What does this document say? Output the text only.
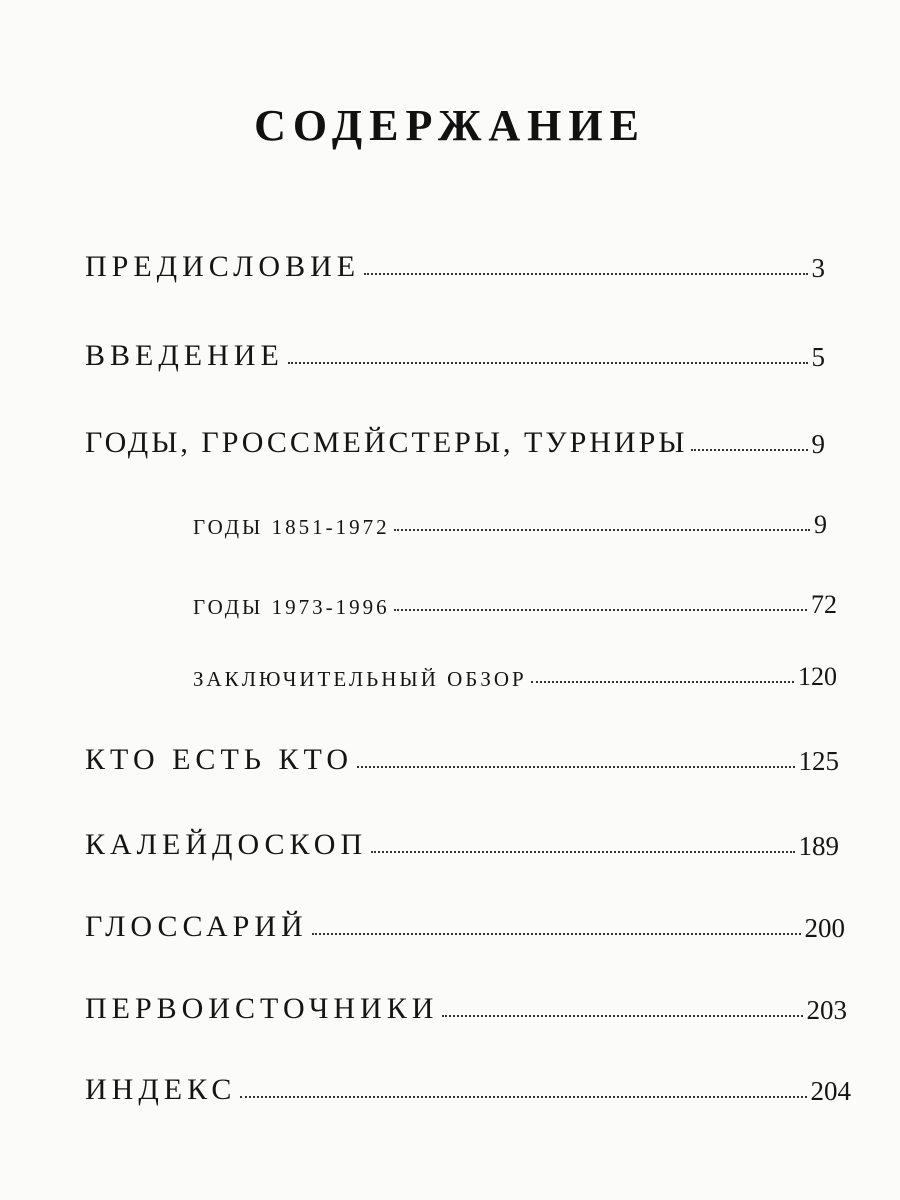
СОДЕРЖАНИЕ
ПРЕДИСЛОВИЕ	3
ВВЕДЕНИЕ	5
ГОДЫ, ГРОССМЕЙСТЕРЫ, ТУРНИРЫ	9
ГОДЫ 1851-1972	9
ГОДЫ 1973-1996	72
ЗАКЛЮЧИТЕЛЬНЫЙ ОБЗОР	120
КТО ЕСТЬ КТО	125
КАЛЕЙДОСКОП	189
ГЛОССАРИЙ	200
ПЕРВОИСТОЧНИКИ	203
ИНДЕКС	204
